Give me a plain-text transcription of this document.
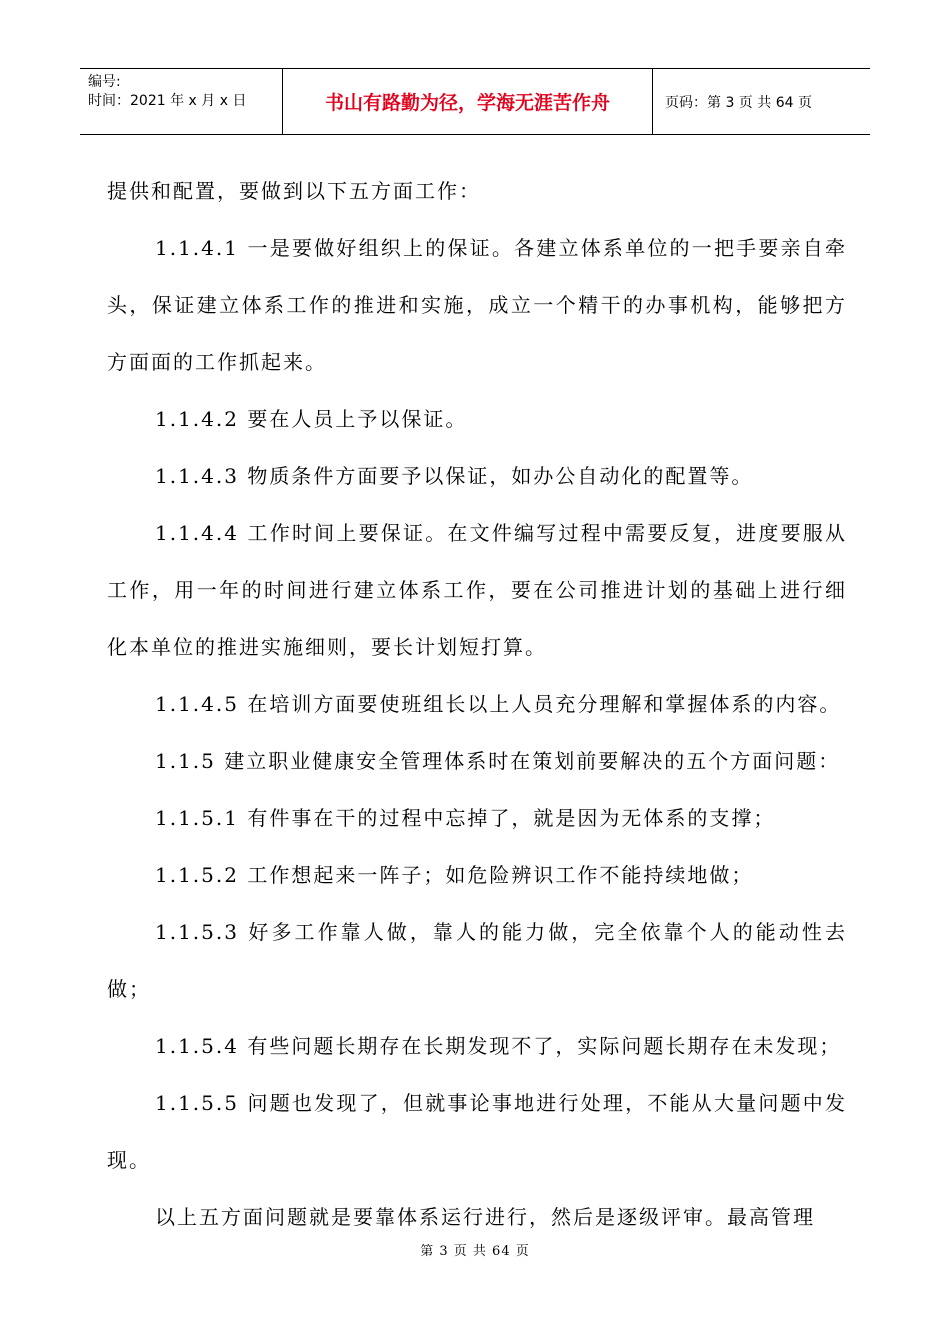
编号:
时间：2021 年 x 月 x 日	书山有路勤为径，学海无涯苦作舟	页码：第 3 页 共 64 页

提供和配置，要做到以下五方面工作：

1.1.4.1 一是要做好组织上的保证。各建立体系单位的一把手要亲自牵头，保证建立体系工作的推进和实施，成立一个精干的办事机构，能够把方方面面的工作抓起来。

1.1.4.2 要在人员上予以保证。

1.1.4.3 物质条件方面要予以保证，如办公自动化的配置等。

1.1.4.4 工作时间上要保证。在文件编写过程中需要反复，进度要服从工作，用一年的时间进行建立体系工作，要在公司推进计划的基础上进行细化本单位的推进实施细则，要长计划短打算。

1.1.4.5 在培训方面要使班组长以上人员充分理解和掌握体系的内容。

1.1.5 建立职业健康安全管理体系时在策划前要解决的五个方面问题：

1.1.5.1 有件事在干的过程中忘掉了，就是因为无体系的支撑；

1.1.5.2 工作想起来一阵子；如危险辨识工作不能持续地做；

1.1.5.3 好多工作靠人做，靠人的能力做，完全依靠个人的能动性去做；

1.1.5.4 有些问题长期存在长期发现不了，实际问题长期存在未发现；

1.1.5.5 问题也发现了，但就事论事地进行处理，不能从大量问题中发现。

以上五方面问题就是要靠体系运行进行，然后是逐级评审。最高管理

第 3 页 共 64 页
